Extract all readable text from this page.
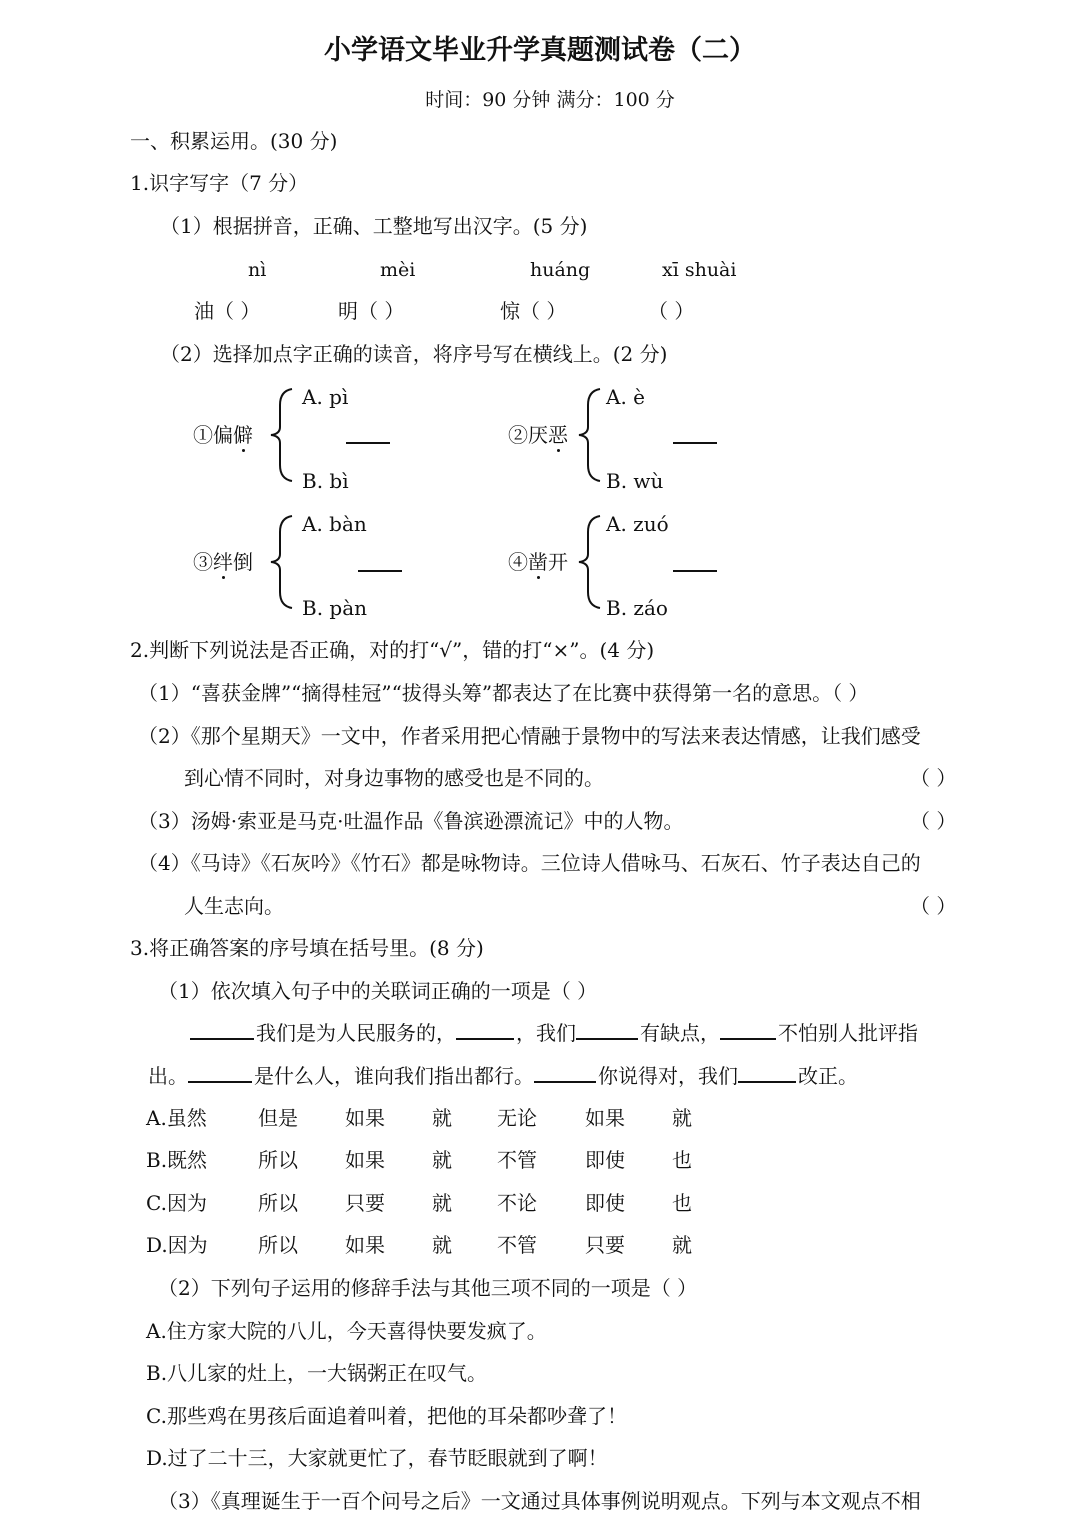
小学语文毕业升学真题测试卷（二）
时间：90 分钟 满分：100 分
一、积累运用。(30 分)
1.识字写字（7 分）
（1）根据拼音，正确、工整地写出汉字。(5 分)
nì	mèi	huáng	xī shuài
油（ ）	明（ ）	惊（ ）	（ ）
（2）选择加点字正确的读音，将序号写在横线上。(2 分)
①偏僻
A. pì
B. bì
②厌恶
A. è
B. wù
③绊倒
A. bàn
B. pàn
④凿开
A. zuó
B. záo
2.判断下列说法是否正确，对的打“√”，错的打“×”。(4 分)
（1）“喜获金牌”“摘得桂冠”“拔得头筹”都表达了在比赛中获得第一名的意思。（ ）
（2）《那个星期天》一文中，作者采用把心情融于景物中的写法来表达情感，让我们感受
到心情不同时，对身边事物的感受也是不同的。	（ ）
（3）汤姆·索亚是马克·吐温作品《鲁滨逊漂流记》中的人物。	（ ）
（4）《马诗》《石灰吟》《竹石》都是咏物诗。三位诗人借咏马、石灰石、竹子表达自己的
人生志向。	（ ）
3.将正确答案的序号填在括号里。(8 分)
（1）依次填入句子中的关联词正确的一项是（ ）
我们是为人民服务的，	，我们	有缺点，	不怕别人批评指
出。	是什么人，谁向我们指出都行。	你说得对，我们	改正。
A.虽然	但是 如果 就 无论 如果 就
B.既然	所以 如果 就 不管 即使 也
C.因为	所以 只要 就 不论 即使 也
D.因为	所以 如果 就 不管 只要 就
（2）下列句子运用的修辞手法与其他三项不同的一项是（ ）
A.住方家大院的八儿，今天喜得快要发疯了。
B.八儿家的灶上，一大锅粥正在叹气。
C.那些鸡在男孩后面追着叫着，把他的耳朵都吵聋了！
D.过了二十三，大家就更忙了，春节眨眼就到了啊！
（3）《真理诞生于一百个问号之后》一文通过具体事例说明观点。下列与本文观点不相
